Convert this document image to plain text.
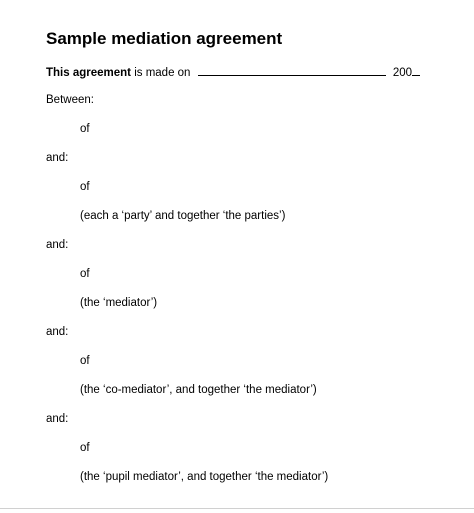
Sample mediation agreement
This agreement is made on	200
Between:
of
and:
of
(each a ‘party’ and together ‘the parties’)
and:
of
(the ‘mediator’)
and:
of
(the ‘co-mediator’, and together ‘the mediator’)
and:
of
(the ‘pupil mediator’, and together ‘the mediator’)
